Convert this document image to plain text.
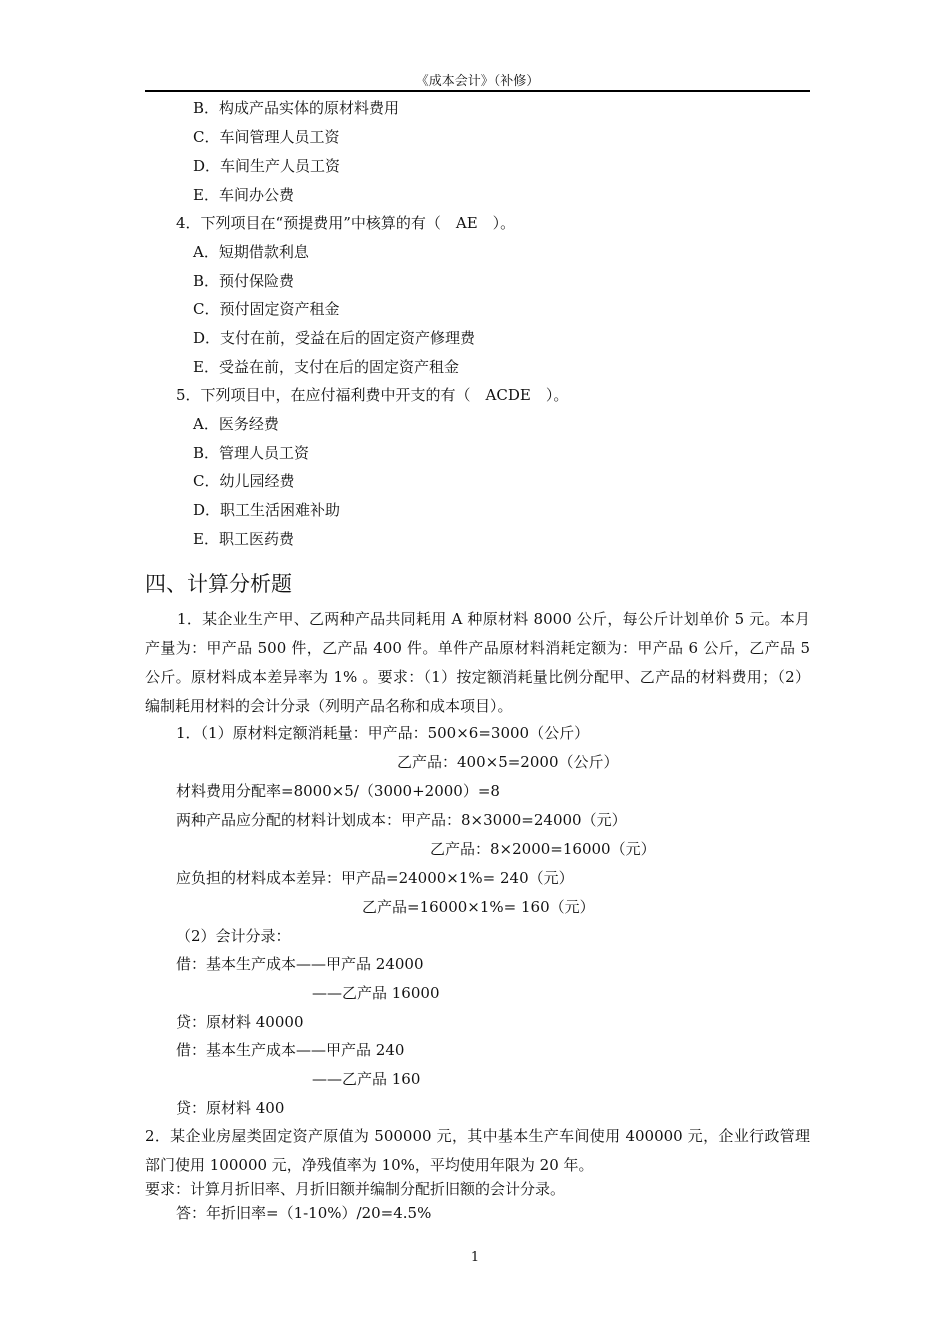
《成本会计》（补修）
B．构成产品实体的原材料费用
C．车间管理人员工资
D．车间生产人员工资
E．车间办公费
4．下列项目在“预提费用”中核算的有（　AE　）。
A．短期借款利息
B．预付保险费
C．预付固定资产租金
D．支付在前，受益在后的固定资产修理费
E．受益在前，支付在后的固定资产租金
5．下列项目中，在应付福利费中开支的有（　ACDE　）。
A．医务经费
B．管理人员工资
C．幼儿园经费
D．职工生活困难补助
E．职工医药费
四、计算分析题
1．某企业生产甲、乙两种产品共同耗用 A 种原材料 8000 公斤，每公斤计划单价 5 元。本月产量为：甲产品 500 件，乙产品 400 件。单件产品原材料消耗定额为：甲产品 6 公斤，乙产品 5 公斤。原材料成本差异率为 1% 。要求：（1）按定额消耗量比例分配甲、乙产品的材料费用；（2）编制耗用材料的会计分录（列明产品名称和成本项目）。
1．（1）原材料定额消耗量：甲产品：500×6=3000（公斤）
乙产品：400×5=2000（公斤）
材料费用分配率=8000×5/（3000+2000）=8
两种产品应分配的材料计划成本：甲产品：8×3000=24000（元）
乙产品：8×2000=16000（元）
应负担的材料成本差异：甲产品=24000×1%= 240（元）
乙产品=16000×1%= 160（元）
（2）会计分录：
借：基本生产成本——甲产品 24000
——乙产品 16000
贷：原材料 40000
借：基本生产成本——甲产品 240
——乙产品 160
贷：原材料 400
2．某企业房屋类固定资产原值为 500000 元，其中基本生产车间使用 400000 元，企业行政管理部门使用 100000 元，净残值率为 10%，平均使用年限为 20 年。
要求：计算月折旧率、月折旧额并编制分配折旧额的会计分录。
答：年折旧率=（1-10%）/20=4.5%
1
